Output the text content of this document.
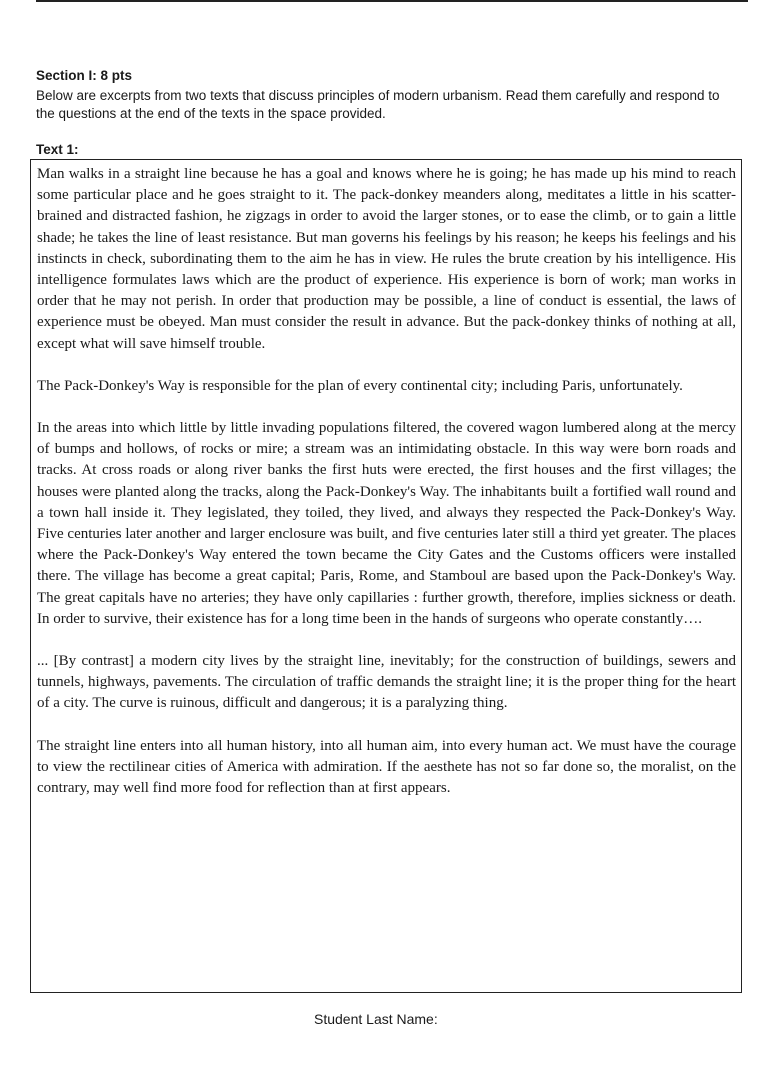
Section I: 8 pts
Below are excerpts from two texts that discuss principles of modern urbanism. Read them carefully and respond to the questions at the end of the texts in the space provided.
Text 1:

Man walks in a straight line because he has a goal and knows where he is going; he has made up his mind to reach some particular place and he goes straight to it. The pack-donkey meanders along, meditates a little in his scatter-brained and distracted fashion, he zigzags in order to avoid the larger stones, or to ease the climb, or to gain a little shade; he takes the line of least resistance. But man governs his feelings by his reason; he keeps his feelings and his instincts in check, subordinating them to the aim he has in view. He rules the brute creation by his intelligence. His intelligence formulates laws which are the product of experience. His experience is born of work; man works in order that he may not perish. In order that production may be possible, a line of conduct is essential, the laws of experience must be obeyed. Man must consider the result in advance. But the pack-donkey thinks of nothing at all, except what will save himself trouble.

The Pack-Donkey's Way is responsible for the plan of every continental city; including Paris, unfortunately.

In the areas into which little by little invading populations filtered, the covered wagon lumbered along at the mercy of bumps and hollows, of rocks or mire; a stream was an intimidating obstacle. In this way were born roads and tracks. At cross roads or along river banks the first huts were erected, the first houses and the first villages; the houses were planted along the tracks, along the Pack-Donkey's Way. The inhabitants built a fortified wall round and a town hall inside it. They legislated, they toiled, they lived, and always they respected the Pack-Donkey's Way. Five centuries later another and larger enclosure was built, and five centuries later still a third yet greater. The places where the Pack-Donkey's Way entered the town became the City Gates and the Customs officers were installed there. The village has become a great capital; Paris, Rome, and Stamboul are based upon the Pack-Donkey's Way. The great capitals have no arteries; they have only capillaries : further growth, therefore, implies sickness or death. In order to survive, their existence has for a long time been in the hands of surgeons who operate constantly….

... [By contrast] a modern city lives by the straight line, inevitably; for the construction of buildings, sewers and tunnels, highways, pavements. The circulation of traffic demands the straight line; it is the proper thing for the heart of a city. The curve is ruinous, difficult and dangerous; it is a paralyzing thing.

The straight line enters into all human history, into all human aim, into every human act. We must have the courage to view the rectilinear cities of America with admiration. If the aesthete has not so far done so, the moralist, on the contrary, may well find more food for reflection than at first appears.

Student Last Name:
